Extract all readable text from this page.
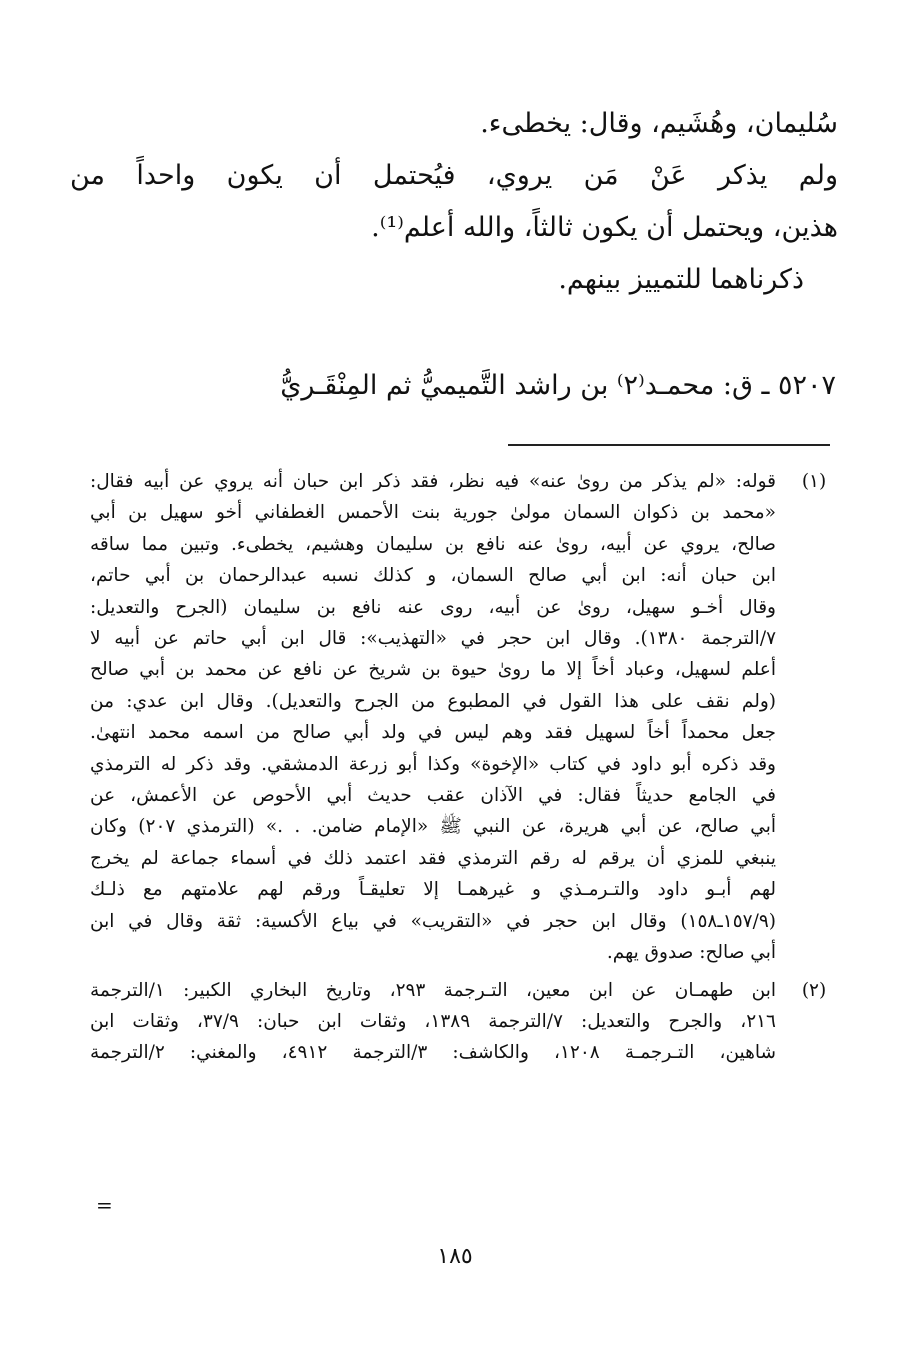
سُليمان، وهُشَيم، وقال: يخطىء.

ولم يذكر عَنْ مَن يروي، فيُحتمل أن يكون واحداً من

هذين، ويحتمل أن يكون ثالثاً، والله أعلم⁽¹⁾.

ذكرناهما للتمييز بينهم.

٥٢٠٧ ـ ق: محمـد⁽٢⁾ بن راشد التَّميميُّ ثم المِنْقَـريُّ
(١)
قوله: «لم يذكر من روىٰ عنه» فيه نظر، فقد ذكر ابن حبان أنه يروي عن أبيه فقال:
«محمد بن ذكوان السمان مولىٰ جورية بنت الأحمس الغطفاني أخو سهيل بن أبي
صالح، يروي عن أبيه، روىٰ عنه نافع بن سليمان وهشيم، يخطىء. وتبين مما ساقه
ابن حبان أنه: ابن أبي صالح السمان، و كذلك نسبه عبدالرحمان بن أبي حاتم،
وقال أخـو سهيل، روىٰ عن أبيه، روى عنه نافع بن سليمان (الجرح والتعديل:
٧/الترجمة ١٣٨٠). وقال ابن حجر في «التهذيب»: قال ابن أبي حاتم عن أبيه لا
أعلم لسهيل، وعباد أخاً إلا ما روىٰ حيوة بن شريخ عن نافع عن محمد بن أبي صالح
(ولم نقف على هذا القول في المطبوع من الجرح والتعديل). وقال ابن عدي: من
جعل محمداً أخاً لسهيل فقد وهم ليس في ولد أبي صالح من اسمه محمد انتهىٰ.
وقد ذكره أبو داود في كتاب «الإخوة» وكذا أبو زرعة الدمشقي. وقد ذكر له الترمذي
في الجامع حديثاً فقال: في الآذان عقب حديث أبي الأحوص عن الأعمش، عن
أبي صالح، عن أبي هريرة، عن النبي ﷺ «الإمام ضامن. . .» (الترمذي ٢٠٧) وكان
ينبغي للمزي أن يرقم له رقم الترمذي فقد اعتمد ذلك في أسماء جماعة لم يخرج
لهم أبـو داود والتـرمـذي و غيرهمـا إلا تعليقـاً ورقم لهم علامتهم مع ذلـك
(١٥٧/٩ـ١٥٨) وقال ابن حجر في «التقريب» في بياع الأكسية: ثقة وقال في ابن
أبي صالح: صدوق يهم.
(٢)
ابن طهمـان عن ابن معين، التـرجمة ٢٩٣، وتاريخ البخاري الكبير: ١/الترجمة
٢١٦، والجرح والتعديل: ٧/الترجمة ١٣٨٩، وثقات ابن حبان: ٣٧/٩، وثقات ابن
شاهين، التـرجمـة ١٢٠٨، والكاشف: ٣/الترجمة ٤٩١٢، والمغني: ٢/الترجمة
=
١٨٥
